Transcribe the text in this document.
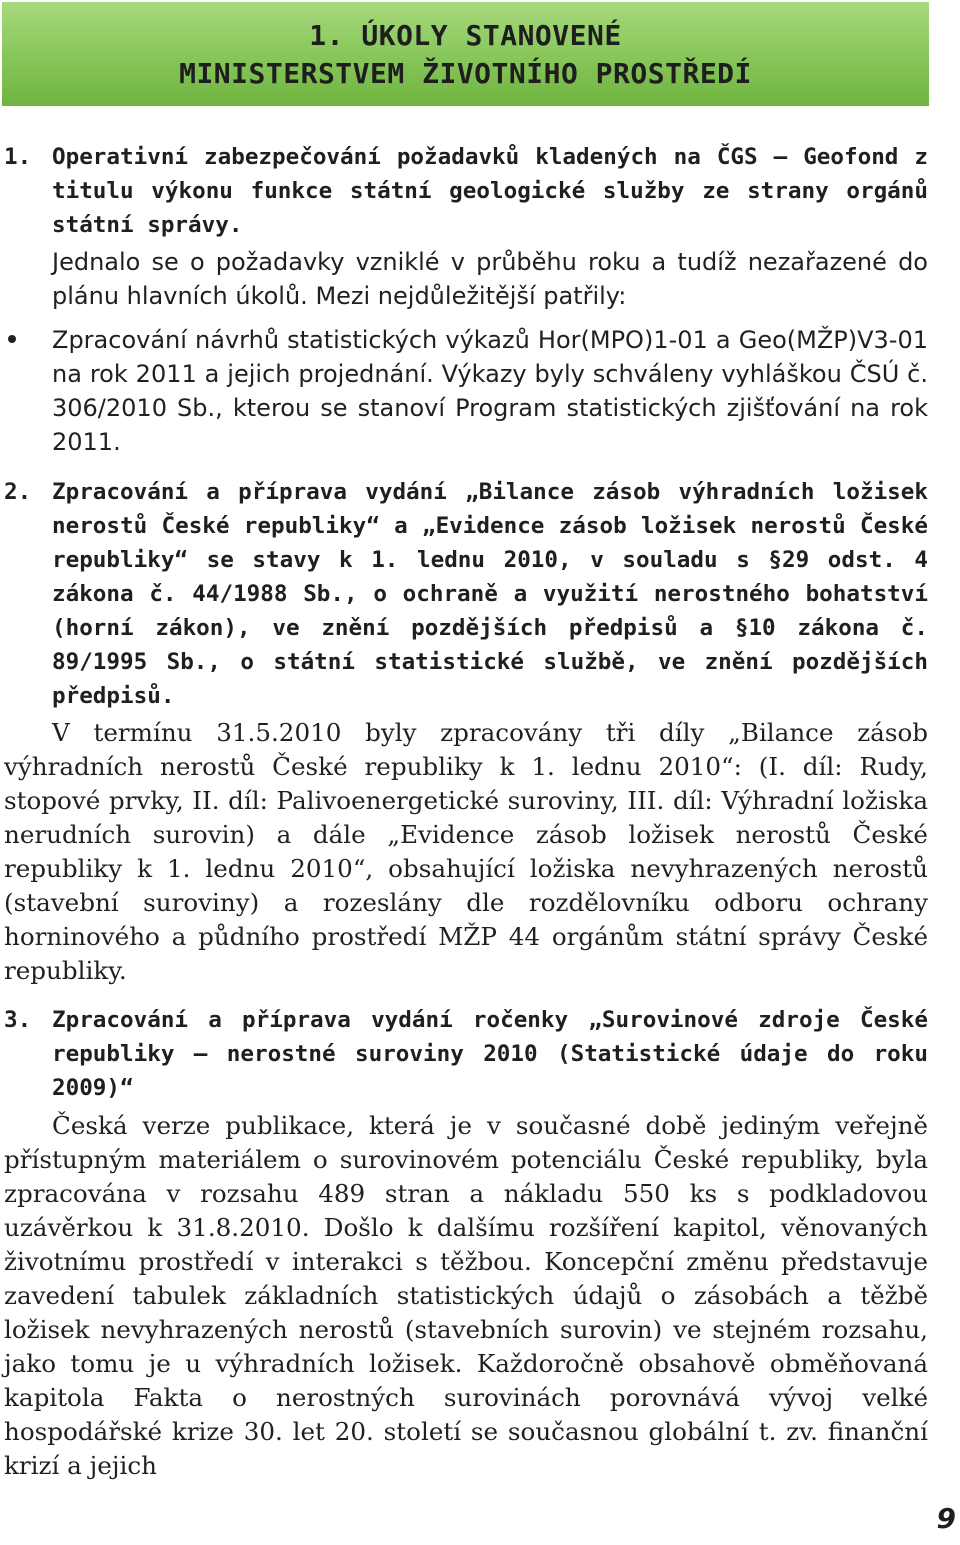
1. ÚKOLY STANOVENÉ
MINISTERSTVEM ŽIVOTNÍHO PROSTŘEDÍ
1. Operativní zabezpečování požadavků kladených na ČGS – Geofond z titulu výkonu funkce státní geologické služby ze strany orgánů státní správy.
Jednalo se o požadavky vzniklé v průběhu roku a tudíž nezařazené do plánu hlavních úkolů. Mezi nejdůležitější patřily:
Zpracování návrhů statistických výkazů Hor(MPO)1-01 a Geo(MŽP)V3-01 na rok 2011 a jejich projednání. Výkazy byly schváleny vyhláškou ČSÚ č. 306/2010 Sb., kterou se stanoví Program statistických zjišťování na rok 2011.
2. Zpracování a příprava vydání „Bilance zásob výhradních ložisek nerostů České republiky“ a „Evidence zásob ložisek nerostů České republiky“ se stavy k 1. lednu 2010, v souladu s §29 odst. 4 zákona č. 44/1988 Sb., o ochraně a využití nerostného bohatství (horní zákon), ve znění pozdějších předpisů a §10 zákona č. 89/1995 Sb., o státní statistické službě, ve znění pozdějších předpisů.
V termínu 31.5.2010 byly zpracovány tři díly „Bilance zásob výhradních nerostů České republiky k 1. lednu 2010“: (I. díl: Rudy, stopové prvky, II. díl: Palivoenergetické suroviny, III. díl: Výhradní ložiska nerudních surovin) a dále „Evidence zásob ložisek nerostů České republiky k 1. lednu 2010“, obsahující ložiska nevyhrazených nerostů (stavební suroviny) a rozeslány dle rozdělovníku odboru ochrany horninového a půdního prostředí MŽP 44 orgánům státní správy České republiky.
3. Zpracování a příprava vydání ročenky „Surovinové zdroje České republiky – nerostné suroviny 2010 (Statistické údaje do roku 2009)“
Česká verze publikace, která je v současné době jediným veřejně přístupným materiálem o surovinovém potenciálu České republiky, byla zpracována v rozsahu 489 stran a nákladu 550 ks s podkladovou uzávěrkou k 31.8.2010. Došlo k dalšímu rozšíření kapitol, věnovaných životnímu prostředí v interakci s těžbou. Koncepční změnu představuje zavedení tabulek základních statistických údajů o zásobách a těžbě ložisek nevyhrazených nerostů (stavebních surovin) ve stejném rozsahu, jako tomu je u výhradních ložisek. Každoročně obsahově obměňovaná kapitola Fakta o nerostných surovinách porovnává vývoj velké hospodářské krize 30. let 20. století se současnou globální t. zv. finanční krizí a jejich
9
